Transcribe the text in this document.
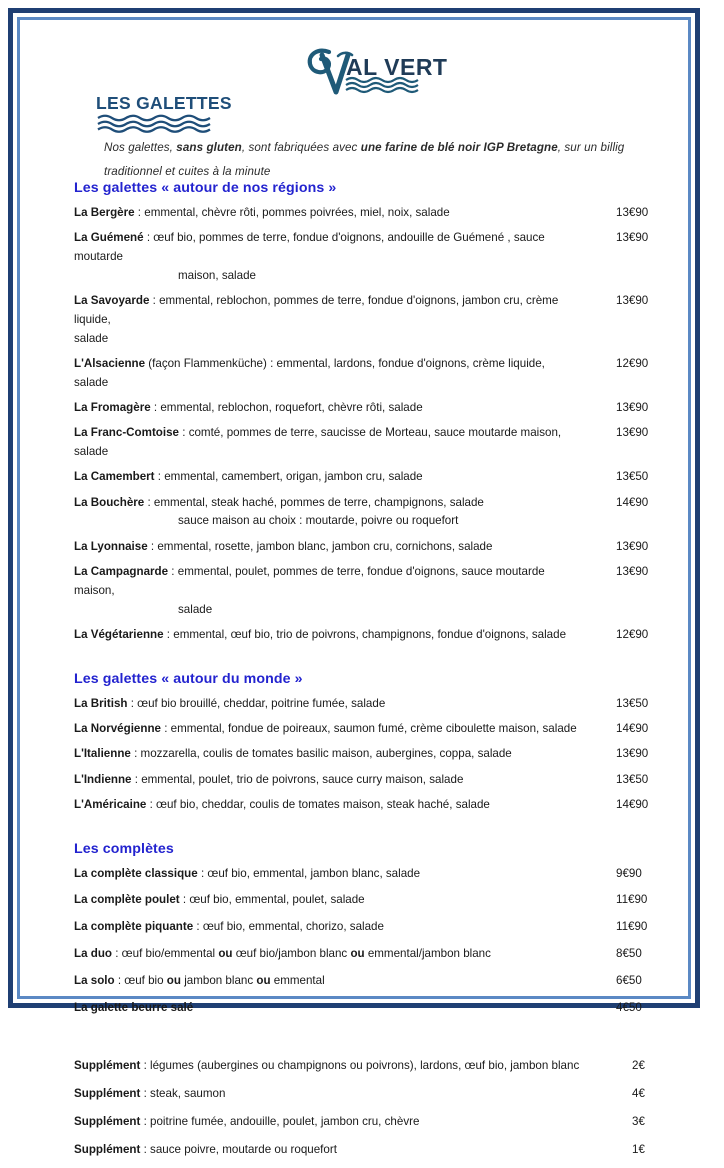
AL VERT
LES GALETTES
Nos galettes, sans gluten, sont fabriquées avec une farine de blé noir IGP Bretagne, sur un billig traditionnel et cuites à la minute
Les galettes « autour de nos régions »
La Bergère : emmental, chèvre rôti, pommes poivrées, miel, noix, salade	13€90
La Guémené : œuf bio, pommes de terre, fondue d'oignons, andouille de Guémené , sauce moutarde
maison, salade
13€90
La Savoyarde : emmental, reblochon, pommes de terre, fondue d'oignons, jambon cru, crème liquide,
salade
13€90
L'Alsacienne (façon Flammenküche) : emmental, lardons, fondue d'oignons, crème liquide, salade
12€90
La Fromagère : emmental, reblochon, roquefort, chèvre rôti, salade	13€90
La Franc-Comtoise : comté, pommes de terre, saucisse de Morteau, sauce moutarde maison, salade
13€90
La Camembert : emmental, camembert, origan, jambon cru, salade	13€50
La Bouchère : emmental, steak haché, pommes de terre, champignons, salade
sauce maison au choix : moutarde, poivre ou roquefort
14€90
La Lyonnaise : emmental, rosette, jambon blanc, jambon cru, cornichons, salade	13€90
La Campagnarde : emmental, poulet, pommes de terre, fondue d'oignons, sauce moutarde maison,
salade
13€90
La Végétarienne : emmental, œuf bio, trio de poivrons, champignons, fondue d'oignons, salade	12€90
Les galettes « autour du monde »
La British : œuf bio brouillé, cheddar, poitrine fumée, salade	13€50
La Norvégienne : emmental, fondue de poireaux, saumon fumé, crème ciboulette maison, salade	14€90
L'Italienne : mozzarella, coulis de tomates basilic maison, aubergines, coppa, salade	13€90
L'Indienne : emmental, poulet, trio de poivrons, sauce curry maison, salade	13€50
L'Américaine : œuf bio, cheddar, coulis de tomates maison, steak haché, salade	14€90
Les complètes
La complète classique : œuf bio, emmental, jambon blanc, salade	9€90
La complète poulet : œuf bio, emmental, poulet, salade	11€90
La complète piquante : œuf bio, emmental, chorizo, salade	11€90
La duo : œuf bio/emmental ou œuf bio/jambon blanc ou emmental/jambon blanc	8€50
La solo : œuf bio ou jambon blanc ou emmental	6€50
La galette beurre salé	4€50
Supplément : légumes (aubergines ou champignons ou poivrons), lardons, œuf bio, jambon blanc	2€
Supplément : steak, saumon	4€
Supplément : poitrine fumée, andouille, poulet, jambon cru, chèvre	3€
Supplément : sauce poivre, moutarde ou roquefort	1€
